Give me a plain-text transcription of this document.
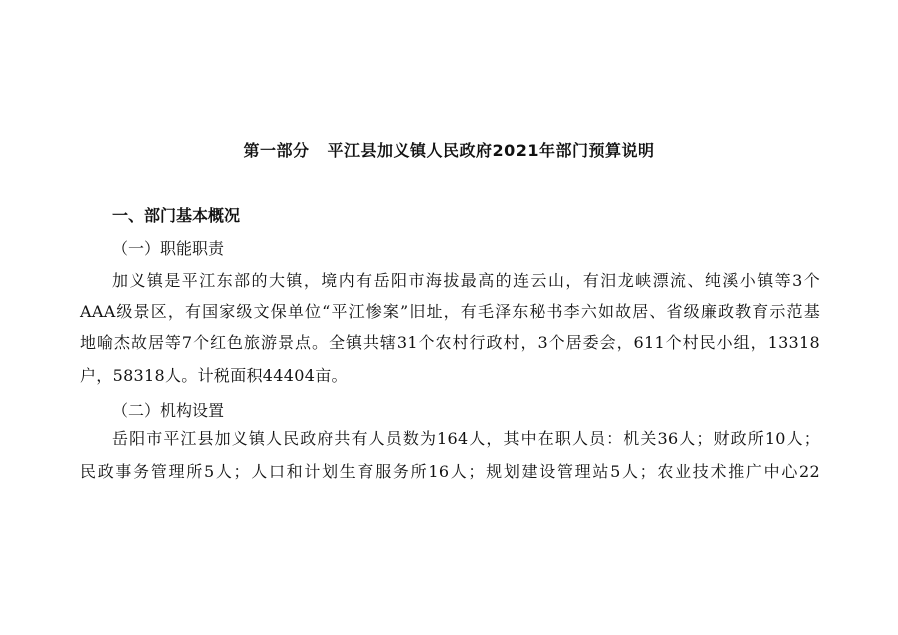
第一部分 平江县加义镇人民政府2021年部门预算说明
一、部门基本概况
（一）职能职责
加义镇是平江东部的大镇，境内有岳阳市海拔最高的连云山，有汨龙峡漂流、纯溪小镇等3个
AAA级景区，有国家级文保单位“平江惨案”旧址，有毛泽东秘书李六如故居、省级廉政教育示范基
地喻杰故居等7个红色旅游景点。全镇共辖31个农村行政村，3个居委会，611个村民小组，13318
户，58318人。计税面积44404亩。
（二）机构设置
岳阳市平江县加义镇人民政府共有人员数为164人，其中在职人员：机关36人；财政所10人；
民政事务管理所5人；人口和计划生育服务所16人；规划建设管理站5人；农业技术推广中心22
